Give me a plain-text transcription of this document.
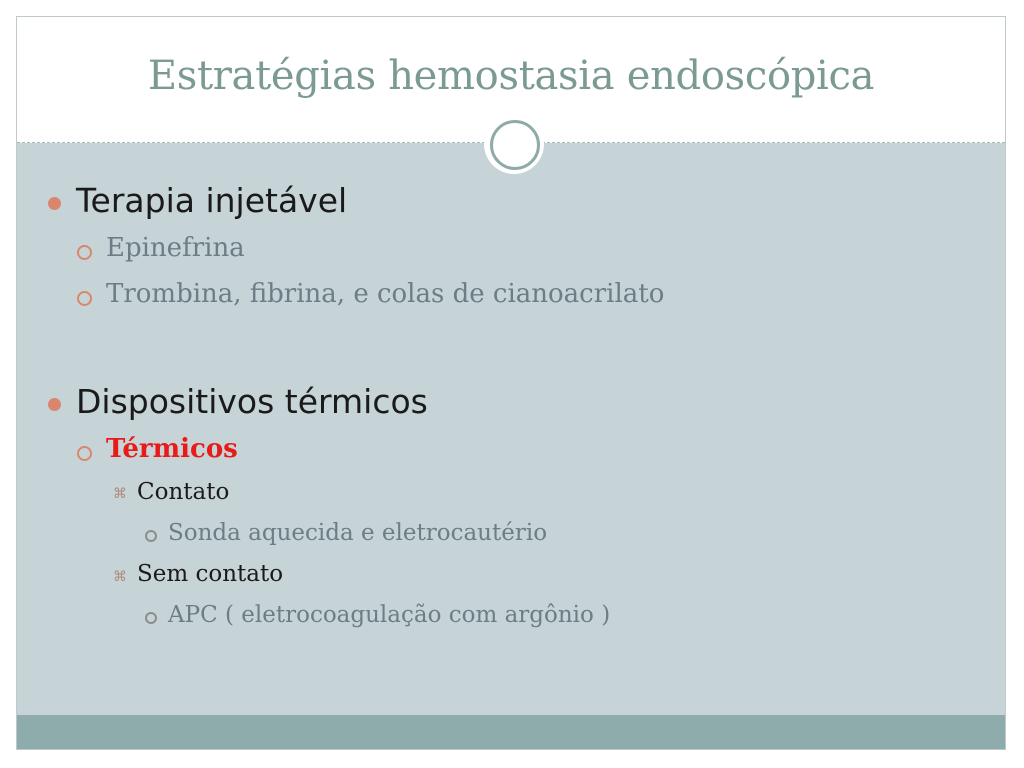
Estratégias hemostasia endoscópica
Terapia injetável
Epinefrina
Trombina, fibrina, e colas de cianoacrilato
Dispositivos térmicos
Térmicos
⌘ Contato
Sonda aquecida e eletrocautério
⌘ Sem contato
APC ( eletrocoagulação com argônio )
